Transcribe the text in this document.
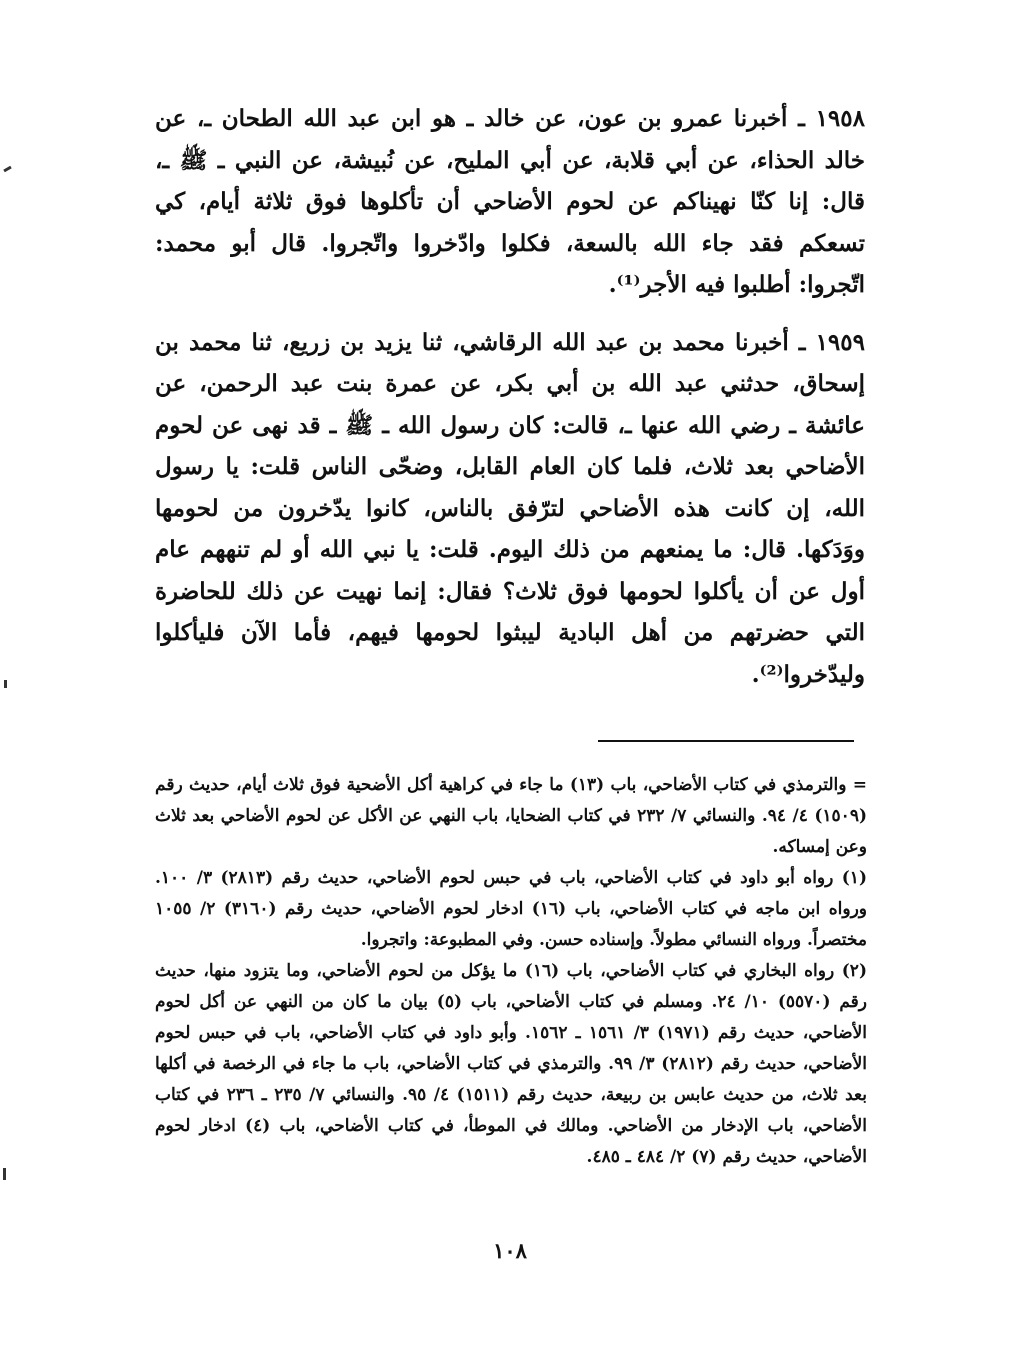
١٩٥٨ ـ أخبرنا عمرو بن عون، عن خالد ـ هو ابن عبد الله الطحان ـ، عن خالد الحذاء، عن أبي قلابة، عن أبي المليح، عن نُبيشة، عن النبي ـ ﷺ ـ، قال: إنا كنّا نهيناكم عن لحوم الأضاحي أن تأكلوها فوق ثلاثة أيام، كي تسعكم فقد جاء الله بالسعة، فكلوا وادّخروا واتّجروا. قال أبو محمد: اتّجروا: أطلبوا فيه الأجر⁽¹⁾.

١٩٥٩ ـ أخبرنا محمد بن عبد الله الرقاشي، ثنا يزيد بن زريع، ثنا محمد بن إسحاق، حدثني عبد الله بن أبي بكر، عن عمرة بنت عبد الرحمن، عن عائشة ـ رضي الله عنها ـ، قالت: كان رسول الله ـ ﷺ ـ قد نهى عن لحوم الأضاحي بعد ثلاث، فلما كان العام القابل، وضحّى الناس قلت: يا رسول الله، إن كانت هذه الأضاحي لترّفق بالناس، كانوا يدّخرون من لحومها ووَدَكها. قال: ما يمنعهم من ذلك اليوم. قلت: يا نبي الله أو لم تنههم عام أول عن أن يأكلوا لحومها فوق ثلاث؟ فقال: إنما نهيت عن ذلك للحاضرة التي حضرتهم من أهل البادية ليبثوا لحومها فيهم، فأما الآن فليأكلوا وليدّخروا⁽²⁾.

= والترمذي في كتاب الأضاحي، باب (١٣) ما جاء في كراهية أكل الأضحية فوق ثلاث أيام، حديث رقم (١٥٠٩) ٤/ ٩٤. والنسائي ٧/ ٢٣٢ في كتاب الضحايا، باب النهي عن الأكل عن لحوم الأضاحي بعد ثلاث وعن إمساكه.

(١) رواه أبو داود في كتاب الأضاحي، باب في حبس لحوم الأضاحي، حديث رقم (٢٨١٣) ٣/ ١٠٠. ورواه ابن ماجه في كتاب الأضاحي، باب (١٦) ادخار لحوم الأضاحي، حديث رقم (٣١٦٠) ٢/ ١٠٥٥ مختصراً. ورواه النسائي مطولاً. وإسناده حسن. وفي المطبوعة: واتجروا.

(٢) رواه البخاري في كتاب الأضاحي، باب (١٦) ما يؤكل من لحوم الأضاحي، وما يتزود منها، حديث رقم (٥٥٧٠) ١٠/ ٢٤. ومسلم في كتاب الأضاحي، باب (٥) بيان ما كان من النهي عن أكل لحوم الأضاحي، حديث رقم (١٩٧١) ٣/ ١٥٦١ ـ ١٥٦٢. وأبو داود في كتاب الأضاحي، باب في حبس لحوم الأضاحي، حديث رقم (٢٨١٢) ٣/ ٩٩. والترمذي في كتاب الأضاحي، باب ما جاء في الرخصة في أكلها بعد ثلاث، من حديث عابس بن ربيعة، حديث رقم (١٥١١) ٤/ ٩٥. والنسائي ٧/ ٢٣٥ ـ ٢٣٦ في كتاب الأضاحي، باب الإدخار من الأضاحي. ومالك في الموطأ، في كتاب الأضاحي، باب (٤) ادخار لحوم الأضاحي، حديث رقم (٧) ٢/ ٤٨٤ ـ ٤٨٥.

١٠٨
